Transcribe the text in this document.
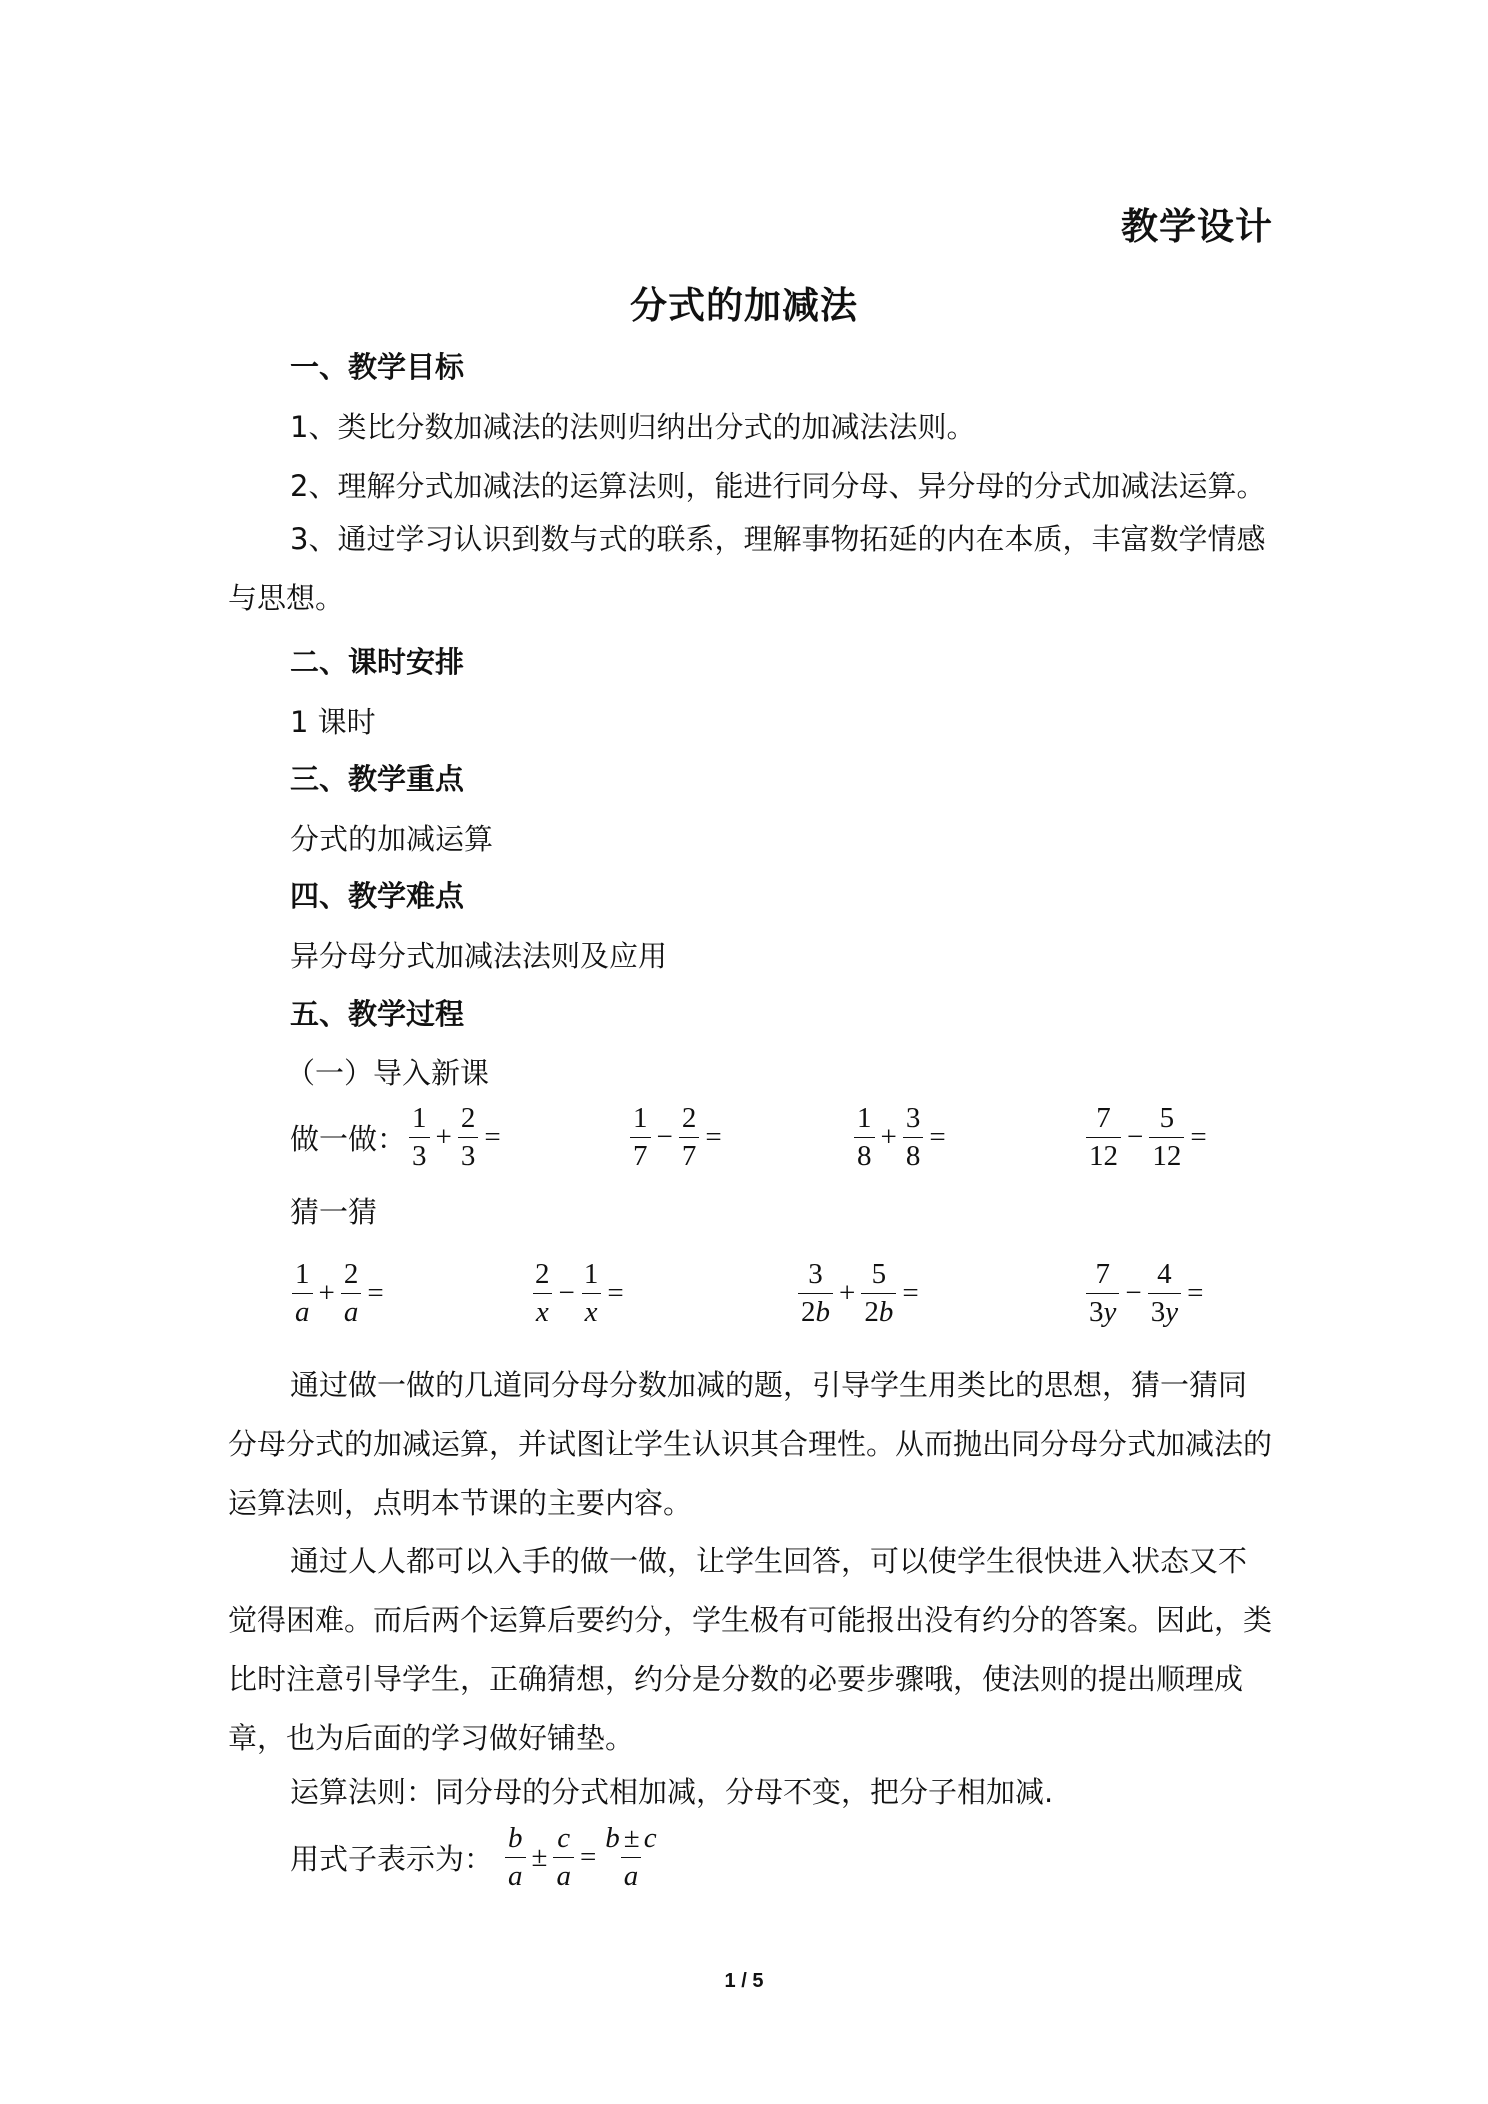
教学设计
分式的加减法
一、教学目标
1、类比分数加减法的法则归纳出分式的加减法法则。
2、理解分式加减法的运算法则，能进行同分母、异分母的分式加减法运算。
3、通过学习认识到数与式的联系，理解事物拓延的内在本质，丰富数学情感与思想。
二、课时安排
1 课时
三、教学重点
分式的加减运算
四、教学难点
异分母分式加减法法则及应用
五、教学过程
（一）导入新课
做一做： $\frac{1}{3} + \frac{2}{3}$ =	$\frac{1}{7} - \frac{2}{7}$ =	$\frac{1}{8} + \frac{3}{8}$ =	$\frac{7}{12} - \frac{5}{12}$ =
猜一猜
$\frac{1}{a} + \frac{2}{a}$ =	$\frac{2}{x} - \frac{1}{x}$ =	$\frac{3}{2b} + \frac{5}{2b}$ =	$\frac{7}{3y} - \frac{4}{3y}$ =
通过做一做的几道同分母分数加减的题，引导学生用类比的思想，猜一猜同分母分式的加减运算，并试图让学生认识其合理性。从而抛出同分母分式加减法的运算法则，点明本节课的主要内容。
通过人人都可以入手的做一做，让学生回答，可以使学生很快进入状态又不觉得困难。而后两个运算后要约分，学生极有可能报出没有约分的答案。因此，类比时注意引导学生，正确猜想，约分是分数的必要步骤哦，使法则的提出顺理成章，也为后面的学习做好铺垫。
运算法则：同分母的分式相加减，分母不变，把分子相加减.
用式子表示为： $\frac{b}{a} \pm \frac{c}{a} = \frac{b \pm c}{a}$
1 / 5
